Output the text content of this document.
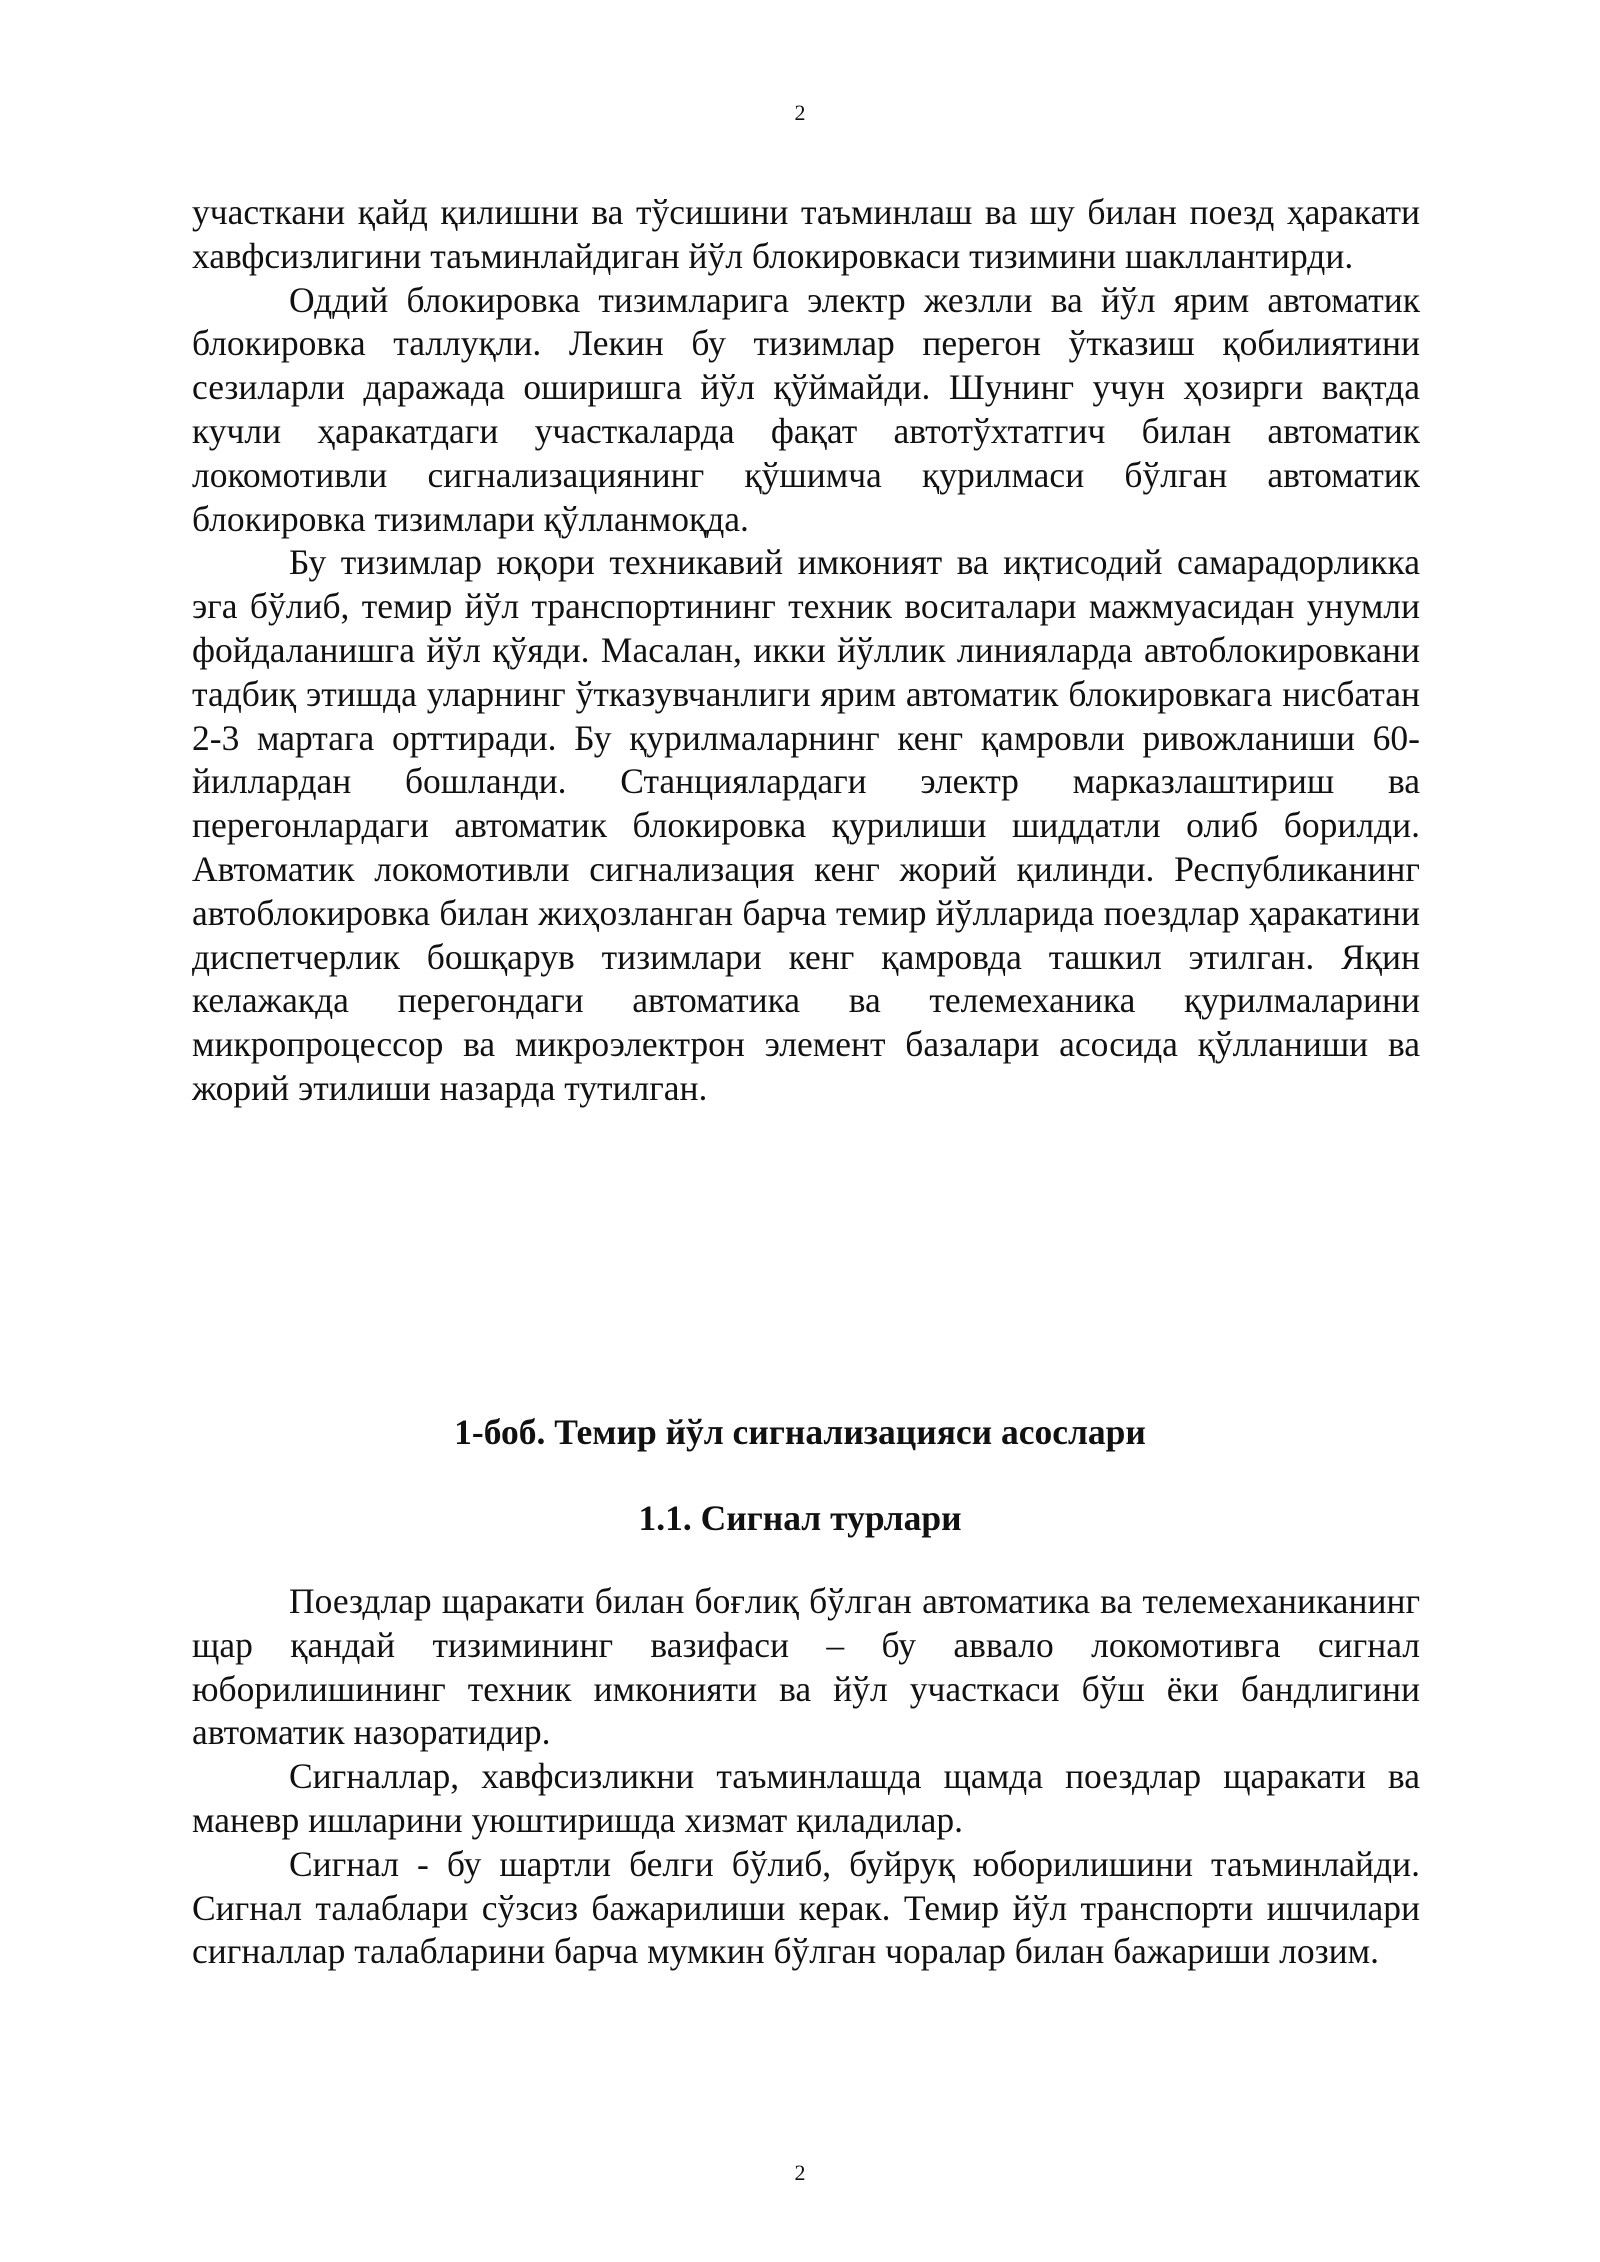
2

участкани қайд қилишни ва тўсишини таъминлаш ва шу билан поезд ҳаракати хавфсизлигини таъминлайдиган йўл блокировкаси тизимини шакллантирди.

Оддий блокировка тизимларига электр жезлли ва йўл ярим автоматик блокировка таллуқли. Лекин бу тизимлар перегон ўтказиш қобилиятини сезиларли даражада оширишга йўл қўймайди. Шунинг учун ҳозирги вақтда кучли ҳаракатдаги участкаларда фақат автотўхтатгич билан автоматик локомотивли сигнализациянинг қўшимча қурилмаси бўлган автоматик блокировка тизимлари қўлланмоқда.

Бу тизимлар юқори техникавий имконият ва иқтисодий самарадорликка эга бўлиб, темир йўл транспортининг техник воситалари мажмуасидан унумли фойдаланишга йўл қўяди. Масалан, икки йўллик линияларда автоблокировкани тадбиқ этишда уларнинг ўтказувчанлиги ярим автоматик блокировкага нисбатан 2-3 мартага орттиради. Бу қурилмаларнинг кенг қамровли ривожланиши 60-йиллардан бошланди. Станциялардаги электр марказлаштириш ва перегонлардаги автоматик блокировка қурилиши шиддатли олиб борилди. Автоматик локомотивли сигнализация кенг жорий қилинди. Республиканинг автоблокировка билан жиҳозланган барча темир йўлларида поездлар ҳаракатини диспетчерлик бошқарув тизимлари кенг қамровда ташкил этилган. Яқин келажакда перегондаги автоматика ва телемеханика қурилмаларини микропроцессор ва микроэлектрон элемент базалари асосида қўлланиши ва жорий этилиши назарда тутилган.

1-боб. Темир йўл сигнализацияси асослари
1.1. Сигнал турлари

Поездлар щаракати билан боғлиқ бўлган автоматика ва телемеханиканинг щар қандай тизимининг вазифаси – бу аввало локомотивга сигнал юборилишининг техник имконияти ва йўл участкаси бўш ёки бандлигини автоматик назоратидир.

Сигналлар, хавфсизликни таъминлашда щамда поездлар щаракати ва маневр ишларини уюштиришда хизмат қиладилар.

Сигнал - бу шартли белги бўлиб, буйруқ юборилишини таъминлайди. Сигнал талаблари сўзсиз бажарилиши керак. Темир йўл транспорти ишчилари сигналлар талабларини барча мумкин бўлган чоралар билан бажариши лозим.

2
